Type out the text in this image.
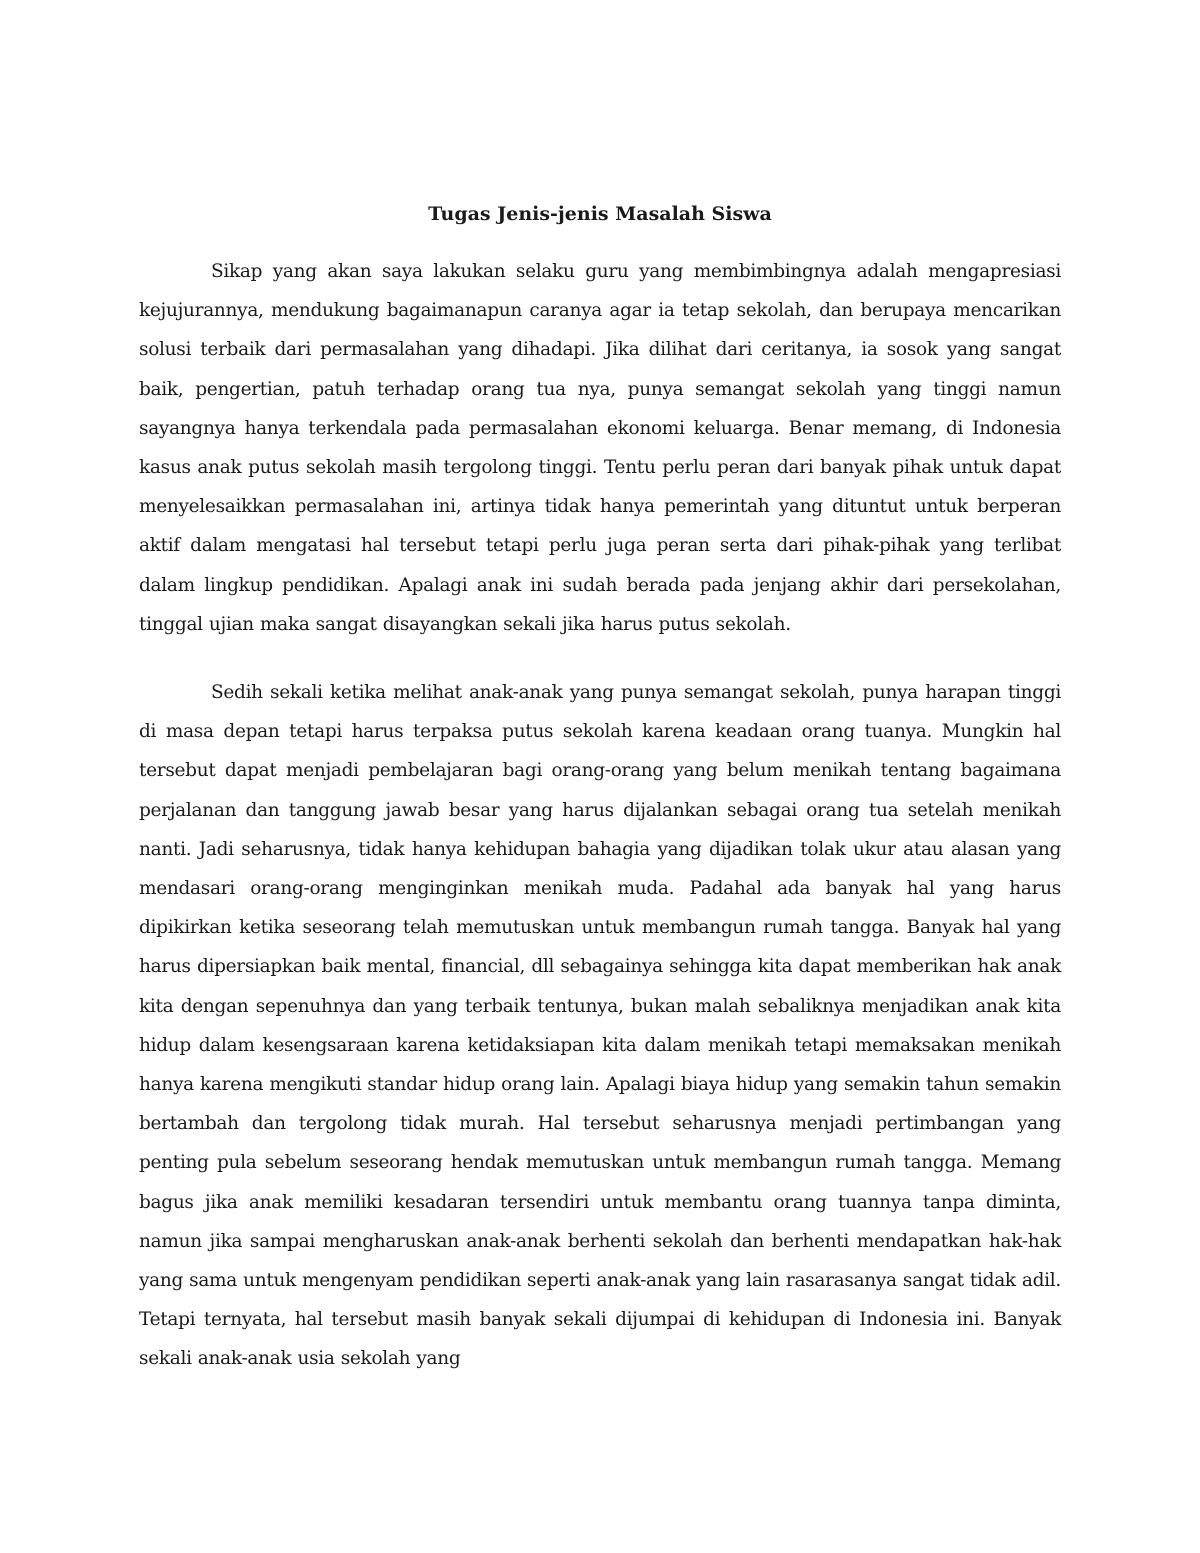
Tugas Jenis-jenis Masalah Siswa

Sikap yang akan saya lakukan selaku guru yang membimbingnya adalah mengapresiasi kejujurannya, mendukung bagaimanapun caranya agar ia tetap sekolah, dan berupaya mencarikan solusi terbaik dari permasalahan yang dihadapi. Jika dilihat dari ceritanya, ia sosok yang sangat baik, pengertian, patuh terhadap orang tua nya, punya semangat sekolah yang tinggi namun sayangnya hanya terkendala pada permasalahan ekonomi keluarga. Benar memang, di Indonesia kasus anak putus sekolah masih tergolong tinggi. Tentu perlu peran dari banyak pihak untuk dapat menyelesaikkan permasalahan ini, artinya tidak hanya pemerintah yang dituntut untuk berperan aktif dalam mengatasi hal tersebut tetapi perlu juga peran serta dari pihak-pihak yang terlibat dalam lingkup pendidikan. Apalagi anak ini sudah berada pada jenjang akhir dari persekolahan, tinggal ujian maka sangat disayangkan sekali jika harus putus sekolah.

Sedih sekali ketika melihat anak-anak yang punya semangat sekolah, punya harapan tinggi di masa depan tetapi harus terpaksa putus sekolah karena keadaan orang tuanya. Mungkin hal tersebut dapat menjadi pembelajaran bagi orang-orang yang belum menikah tentang bagaimana perjalanan dan tanggung jawab besar yang harus dijalankan sebagai orang tua setelah menikah nanti. Jadi seharusnya, tidak hanya kehidupan bahagia yang dijadikan tolak ukur atau alasan yang mendasari orang-orang menginginkan menikah muda. Padahal ada banyak hal yang harus dipikirkan ketika seseorang telah memutuskan untuk membangun rumah tangga. Banyak hal yang harus dipersiapkan baik mental, financial, dll sebagainya sehingga kita dapat memberikan hak anak kita dengan sepenuhnya dan yang terbaik tentunya, bukan malah sebaliknya menjadikan anak kita hidup dalam kesengsaraan karena ketidaksiapan kita dalam menikah tetapi memaksakan menikah hanya karena mengikuti standar hidup orang lain. Apalagi biaya hidup yang semakin tahun semakin bertambah dan tergolong tidak murah. Hal tersebut seharusnya menjadi pertimbangan yang penting pula sebelum seseorang hendak memutuskan untuk membangun rumah tangga. Memang bagus jika anak memiliki kesadaran tersendiri untuk membantu orang tuannya tanpa diminta, namun jika sampai mengharuskan anak-anak berhenti sekolah dan berhenti mendapatkan hak-hak yang sama untuk mengenyam pendidikan seperti anak-anak yang lain rasarasanya sangat tidak adil. Tetapi ternyata, hal tersebut masih banyak sekali dijumpai di kehidupan di Indonesia ini. Banyak sekali anak-anak usia sekolah yang
